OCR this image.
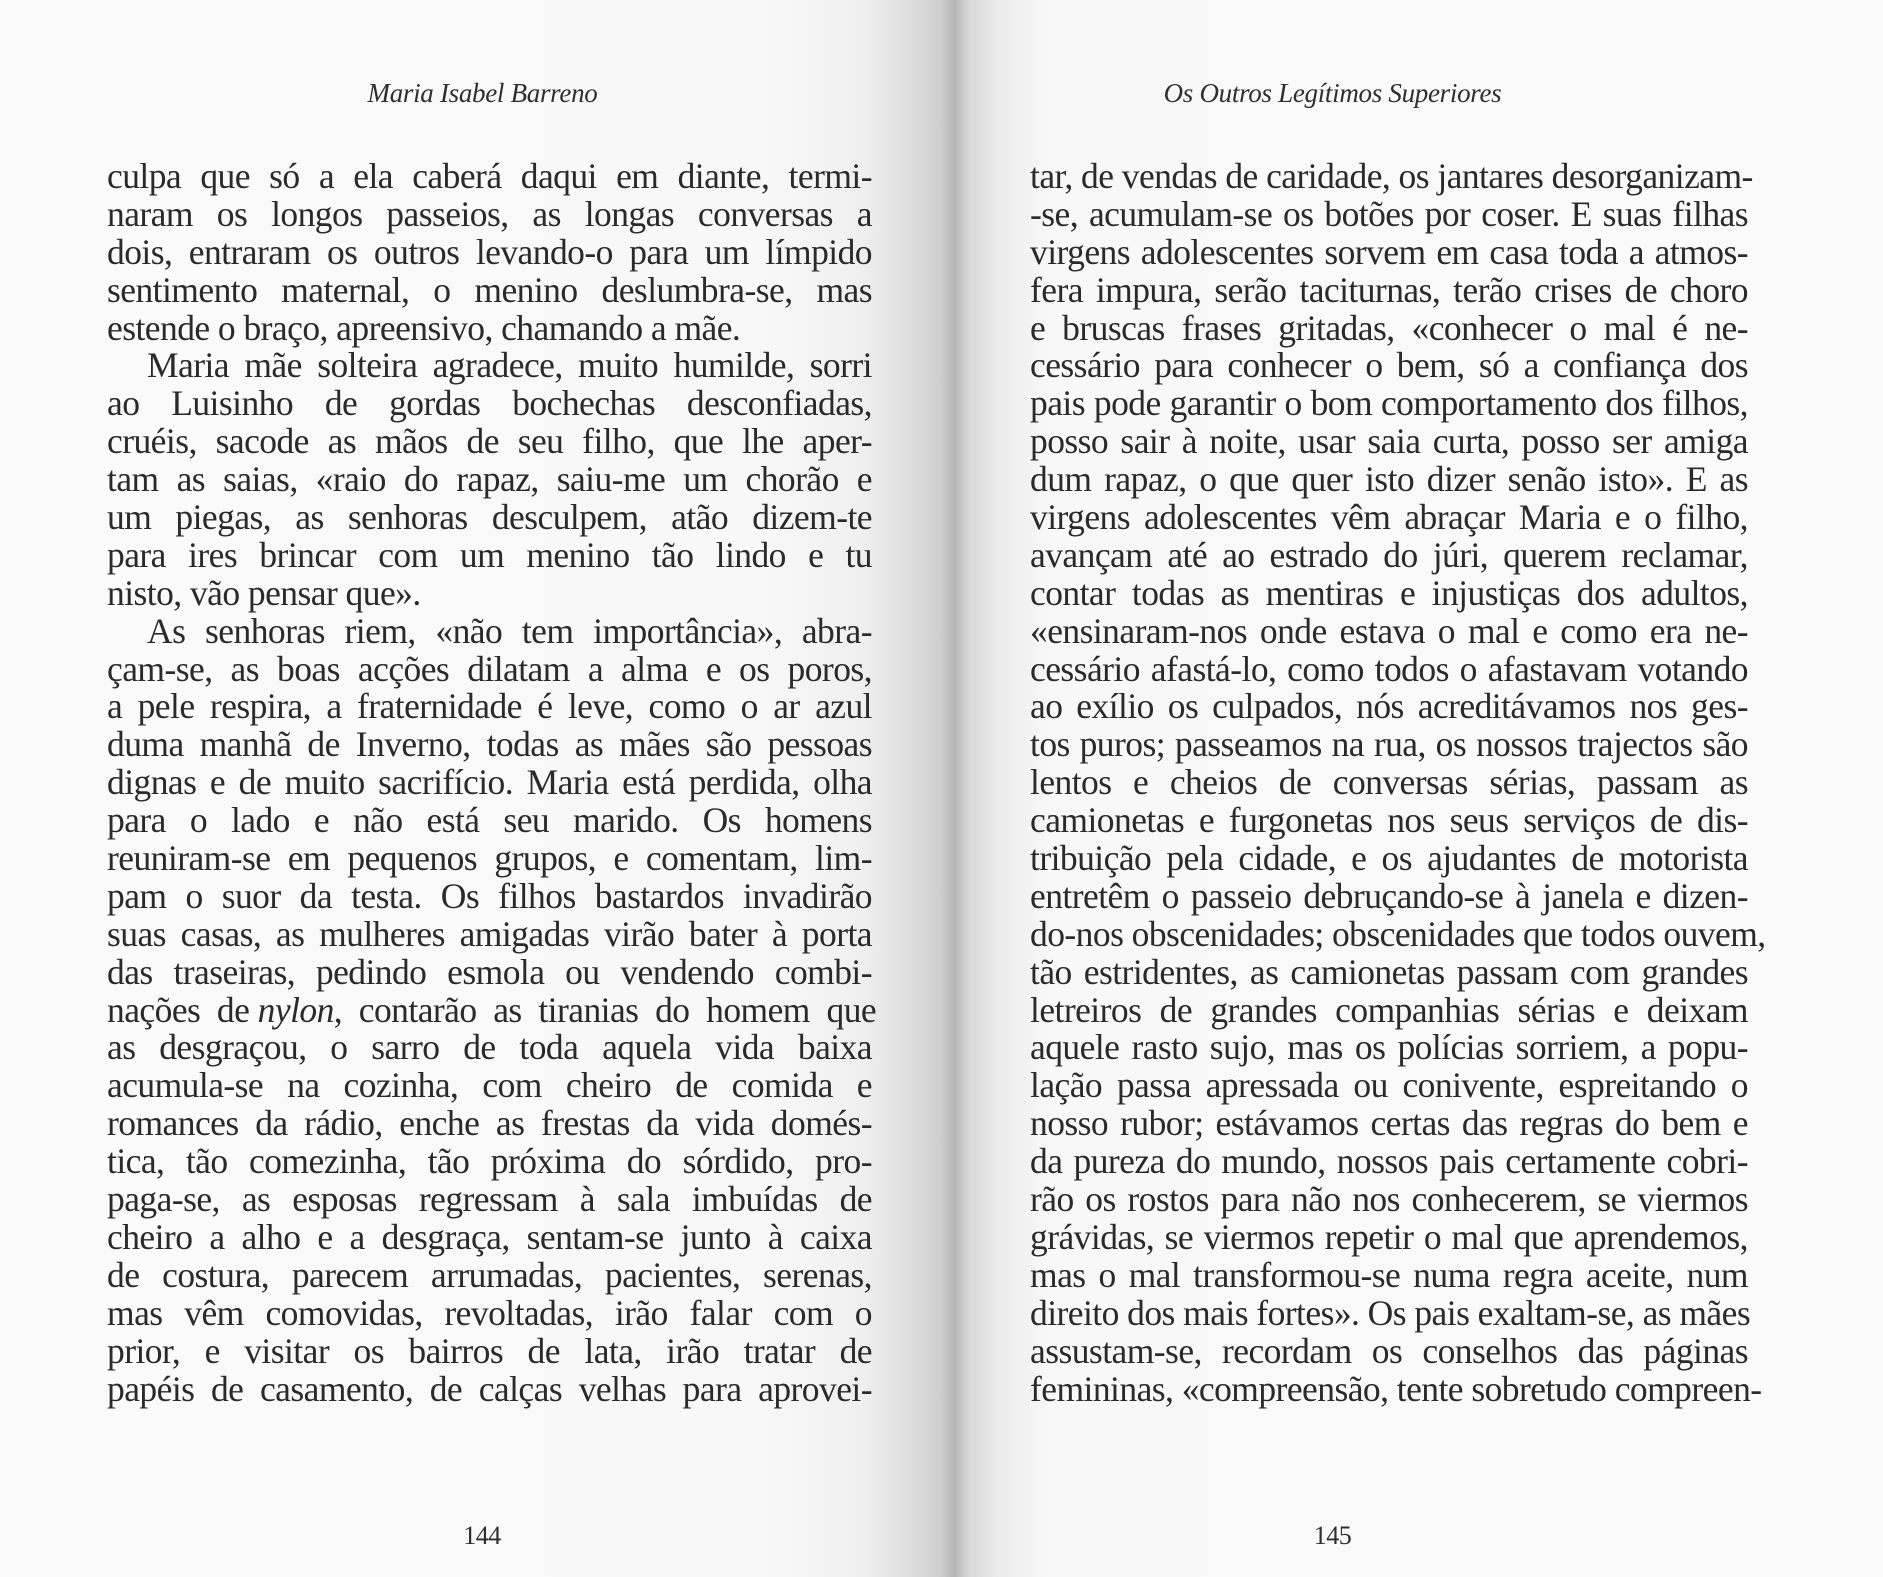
Maria Isabel Barreno
culpa que só a ela caberá daqui em diante, termi-
naram os longos passeios, as longas conversas a
dois, entraram os outros levando-o para um límpido
sentimento maternal, o menino deslumbra-se, mas
estende o braço, apreensivo, chamando a mãe.
Maria mãe solteira agradece, muito humilde, sorri
ao Luisinho de gordas bochechas desconfiadas,
cruéis, sacode as mãos de seu filho, que lhe aper-
tam as saias, «raio do rapaz, saiu-me um chorão e
um piegas, as senhoras desculpem, atão dizem-te
para ires brincar com um menino tão lindo e tu
nisto, vão pensar que».
As senhoras riem, «não tem importância», abra-
çam-se, as boas acções dilatam a alma e os poros,
a pele respira, a fraternidade é leve, como o ar azul
duma manhã de Inverno, todas as mães são pessoas
dignas e de muito sacrifício. Maria está perdida, olha
para o lado e não está seu marido. Os homens
reuniram-se em pequenos grupos, e comentam, lim-
pam o suor da testa. Os filhos bastardos invadirão
suas casas, as mulheres amigadas virão bater à porta
das traseiras, pedindo esmola ou vendendo combi-
nações  de nylon,  contarão  as  tiranias  do  homem  que
as desgraçou, o sarro de toda aquela vida baixa
acumula-se na cozinha, com cheiro de comida e
romances da rádio, enche as frestas da vida domés-
tica, tão comezinha, tão próxima do sórdido, pro-
paga-se, as esposas regressam à sala imbuídas de
cheiro a alho e a desgraça, sentam-se junto à caixa
de costura, parecem arrumadas, pacientes, serenas,
mas vêm comovidas, revoltadas, irão falar com o
prior, e visitar os bairros de lata, irão tratar de
papéis de casamento, de calças velhas para aprovei-
144
Os Outros Legítimos Superiores
tar, de vendas de caridade, os jantares desorganizam-
-se, acumulam-se os botões por coser. E suas filhas
virgens adolescentes sorvem em casa toda a atmos-
fera impura, serão taciturnas, terão crises de choro
e bruscas frases gritadas, «conhecer o mal é ne-
cessário para conhecer o bem, só a confiança dos
pais pode garantir o bom comportamento dos filhos,
posso sair à noite, usar saia curta, posso ser amiga
dum rapaz, o que quer isto dizer senão isto». E as
virgens adolescentes vêm abraçar Maria e o filho,
avançam até ao estrado do júri, querem reclamar,
contar todas as mentiras e injustiças dos adultos,
«ensinaram-nos onde estava o mal e como era ne-
cessário afastá-lo, como todos o afastavam votando
ao exílio os culpados, nós acreditávamos nos ges-
tos puros; passeamos na rua, os nossos trajectos são
lentos e cheios de conversas sérias, passam as
camionetas e furgonetas nos seus serviços de dis-
tribuição pela cidade, e os ajudantes de motorista
entretêm o passeio debruçando-se à janela e dizen-
do-nos obscenidades; obscenidades que todos ouvem,
tão estridentes, as camionetas passam com grandes
letreiros de grandes companhias sérias e deixam
aquele rasto sujo, mas os polícias sorriem, a popu-
lação passa apressada ou conivente, espreitando o
nosso rubor; estávamos certas das regras do bem e
da pureza do mundo, nossos pais certamente cobri-
rão os rostos para não nos conhecerem, se viermos
grávidas, se viermos repetir o mal que aprendemos,
mas o mal transformou-se numa regra aceite, num
direito dos mais fortes». Os pais exaltam-se, as mães
assustam-se, recordam os conselhos das páginas
femininas, «compreensão, tente sobretudo compreen-
145
